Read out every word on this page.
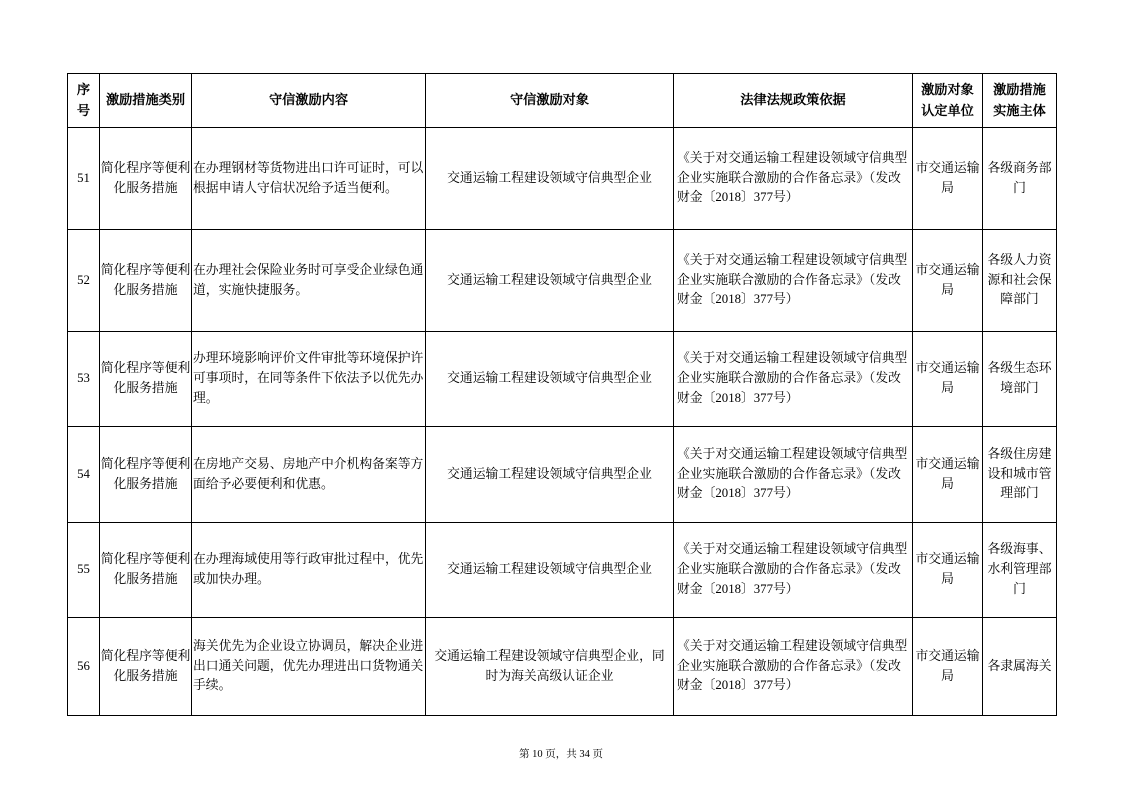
序号	激励措施类别	守信激励内容	守信激励对象	法律法规政策依据	激励对象认定单位	激励措施实施主体
51	简化程序等便利化服务措施	在办理钢材等货物进出口许可证时，可以根据申请人守信状况给予适当便利。	交通运输工程建设领域守信典型企业	《关于对交通运输工程建设领域守信典型企业实施联合激励的合作备忘录》（发改财金〔2018〕377号）	市交通运输局	各级商务部门
52	简化程序等便利化服务措施	在办理社会保险业务时可享受企业绿色通道，实施快捷服务。	交通运输工程建设领域守信典型企业	《关于对交通运输工程建设领域守信典型企业实施联合激励的合作备忘录》（发改财金〔2018〕377号）	市交通运输局	各级人力资源和社会保障部门
53	简化程序等便利化服务措施	办理环境影响评价文件审批等环境保护许可事项时，在同等条件下依法予以优先办理。	交通运输工程建设领域守信典型企业	《关于对交通运输工程建设领域守信典型企业实施联合激励的合作备忘录》（发改财金〔2018〕377号）	市交通运输局	各级生态环境部门
54	简化程序等便利化服务措施	在房地产交易、房地产中介机构备案等方面给予必要便利和优惠。	交通运输工程建设领域守信典型企业	《关于对交通运输工程建设领域守信典型企业实施联合激励的合作备忘录》（发改财金〔2018〕377号）	市交通运输局	各级住房建设和城市管理部门
55	简化程序等便利化服务措施	在办理海域使用等行政审批过程中，优先或加快办理。	交通运输工程建设领域守信典型企业	《关于对交通运输工程建设领域守信典型企业实施联合激励的合作备忘录》（发改财金〔2018〕377号）	市交通运输局	各级海事、水利管理部门
56	简化程序等便利化服务措施	海关优先为企业设立协调员，解决企业进出口通关问题，优先办理进出口货物通关手续。	交通运输工程建设领域守信典型企业，同时为海关高级认证企业	《关于对交通运输工程建设领域守信典型企业实施联合激励的合作备忘录》（发改财金〔2018〕377号）	市交通运输局	各隶属海关
第 10 页，共 34 页
